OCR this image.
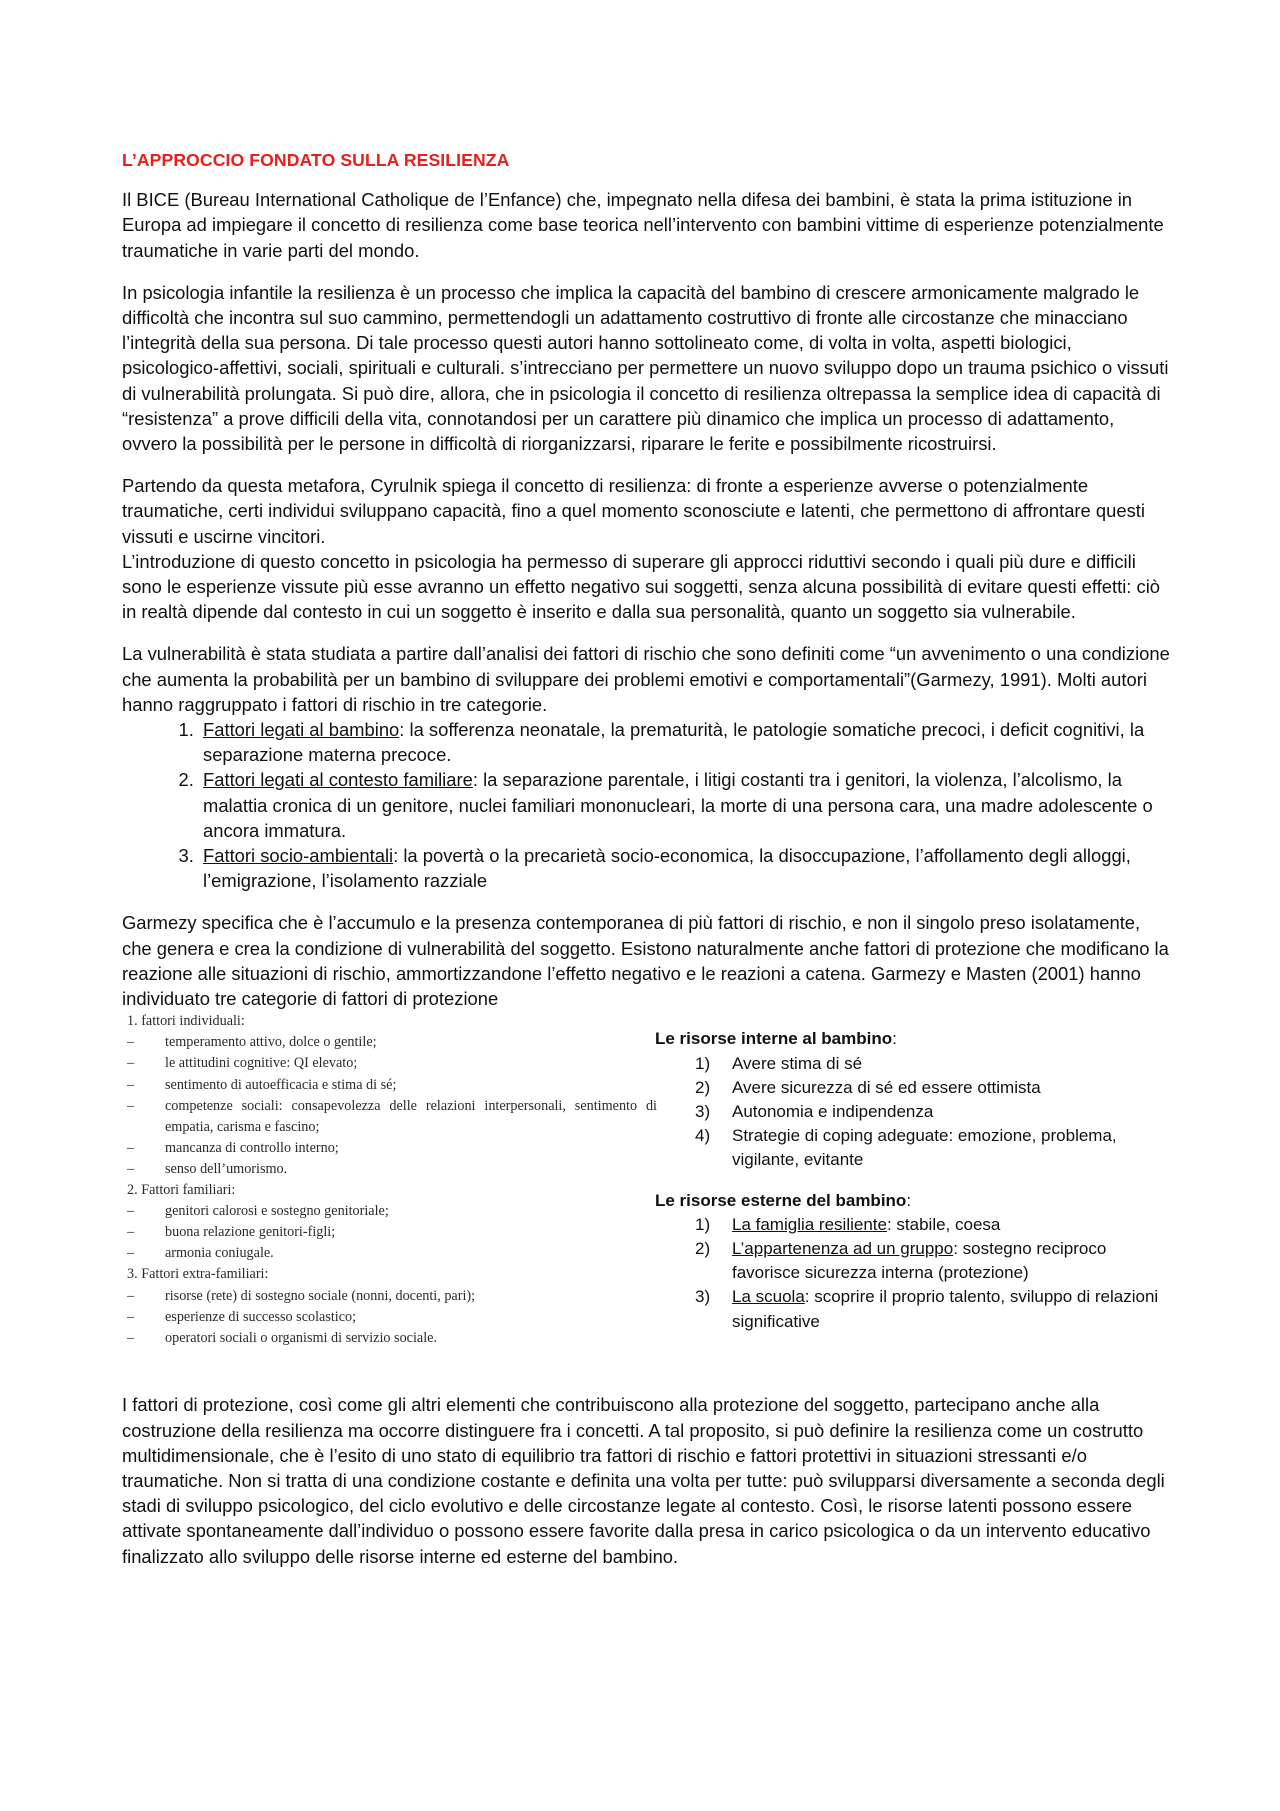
L’APPROCCIO FONDATO SULLA RESILIENZA

Il BICE (Bureau International Catholique de l’Enfance) che, impegnato nella difesa dei bambini, è stata la prima istituzione in Europa ad impiegare il concetto di resilienza come base teorica nell’intervento con bambini vittime di esperienze potenzialmente traumatiche in varie parti del mondo.

In psicologia infantile la resilienza è un processo che implica la capacità del bambino di crescere armonicamente malgrado le difficoltà che incontra sul suo cammino, permettendogli un adattamento costruttivo di fronte alle circostanze che minacciano l’integrità della sua persona. Di tale processo questi autori hanno sottolineato come, di volta in volta, aspetti biologici, psicologico-affettivi, sociali, spirituali e culturali. s’intrecciano per permettere un nuovo sviluppo dopo un trauma psichico o vissuti di vulnerabilità prolungata. Si può dire, allora, che in psicologia il concetto di resilienza oltrepassa la semplice idea di capacità di “resistenza” a prove difficili della vita, connotandosi per un carattere più dinamico che implica un processo di adattamento, ovvero la possibilità per le persone in difficoltà di riorganizzarsi, riparare le ferite e possibilmente ricostruirsi.

Partendo da questa metafora, Cyrulnik spiega il concetto di resilienza: di fronte a esperienze avverse o potenzialmente traumatiche, certi individui sviluppano capacità, fino a quel momento sconosciute e latenti, che permettono di affrontare questi vissuti e uscirne vincitori.

L’introduzione di questo concetto in psicologia ha permesso di superare gli approcci riduttivi secondo i quali più dure e difficili sono le esperienze vissute più esse avranno un effetto negativo sui soggetti, senza alcuna possibilità di evitare questi effetti: ciò in realtà dipende dal contesto in cui un soggetto è inserito e dalla sua personalità, quanto un soggetto sia vulnerabile.

La vulnerabilità è stata studiata a partire dall’analisi dei fattori di rischio che sono definiti come “un avvenimento o una condizione che aumenta la probabilità per un bambino di sviluppare dei problemi emotivi e comportamentali”(Garmezy, 1991). Molti autori hanno raggruppato i fattori di rischio in tre categorie.

1. Fattori legati al bambino: la sofferenza neonatale, la prematurità, le patologie somatiche precoci, i deficit cognitivi, la separazione materna precoce.
2. Fattori legati al contesto familiare: la separazione parentale, i litigi costanti tra i genitori, la violenza, l’alcolismo, la malattia cronica di un genitore, nuclei familiari mononucleari, la morte di una persona cara, una madre adolescente o ancora immatura.
3. Fattori socio-ambientali: la povertà o la precarietà socio-economica, la disoccupazione, l’affollamento degli alloggi, l’emigrazione, l’isolamento razziale

Garmezy specifica che è l’accumulo e la presenza contemporanea di più fattori di rischio, e non il singolo preso isolatamente, che genera e crea la condizione di vulnerabilità del soggetto. Esistono naturalmente anche fattori di protezione che modificano la reazione alle situazioni di rischio, ammortizzandone l’effetto negativo e le reazioni a catena. Garmezy e Masten (2001) hanno individuato tre categorie di fattori di protezione

1. fattori individuali:
–	temperamento attivo, dolce o gentile;
–	le attitudini cognitive: QI elevato;
–	sentimento di autoefficacia e stima di sé;
–	competenze sociali: consapevolezza delle relazioni interpersonali, sentimento di empatia, carisma e fascino;
–	mancanza di controllo interno;
–	senso dell’umorismo.
2. Fattori familiari:
–	genitori calorosi e sostegno genitoriale;
–	buona relazione genitori-figli;
–	armonia coniugale.
3. Fattori extra-familiari:
–	risorse (rete) di sostegno sociale (nonni, docenti, pari);
–	esperienze di successo scolastico;
–	operatori sociali o organismi di servizio sociale.
Le risorse interne al bambino:
1) Avere stima di sé
2) Avere sicurezza di sé ed essere ottimista
3) Autonomia e indipendenza
4) Strategie di coping adeguate: emozione, problema, vigilante, evitante
Le risorse esterne del bambino:
1) La famiglia resiliente: stabile, coesa
2) L’appartenenza ad un gruppo: sostegno reciproco favorisce sicurezza interna (protezione)
3) La scuola: scoprire il proprio talento, sviluppo di relazioni significative

I fattori di protezione, così come gli altri elementi che contribuiscono alla protezione del soggetto, partecipano anche alla costruzione della resilienza ma occorre distinguere fra i concetti. A tal proposito, si può definire la resilienza come un costrutto multidimensionale, che è l’esito di uno stato di equilibrio tra fattori di rischio e fattori protettivi in situazioni stressanti e/o traumatiche. Non si tratta di una condizione costante e definita una volta per tutte: può svilupparsi diversamente a seconda degli stadi di sviluppo psicologico, del ciclo evolutivo e delle circostanze legate al contesto. Così, le risorse latenti possono essere attivate spontaneamente dall’individuo o possono essere favorite dalla presa in carico psicologica o da un intervento educativo finalizzato allo sviluppo delle risorse interne ed esterne del bambino.
